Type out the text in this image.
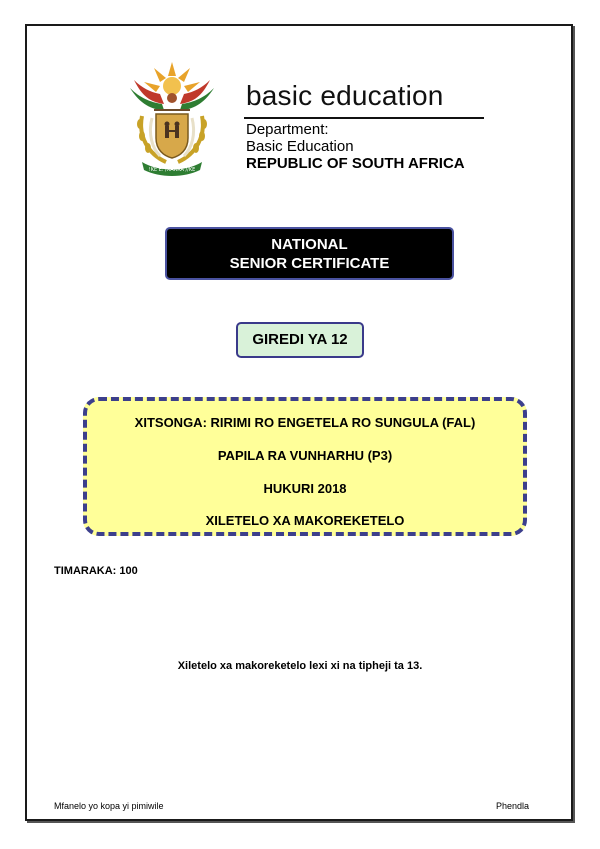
!KE E: /XARRA //KE
basic education
Department:
Basic Education
REPUBLIC OF SOUTH AFRICA
NATIONAL
SENIOR CERTIFICATE
GIREDI YA 12
XITSONGA: RIRIMI RO ENGETELA RO SUNGULA (FAL)
PAPILA RA VUNHARHU (P3)
HUKURI 2018
XILETELO XA MAKOREKETELO
TIMARAKA: 100
Xiletelo xa makoreketelo lexi xi na tipheji ta 13.
Mfanelo yo kopa yi pimiwile	Phendla
